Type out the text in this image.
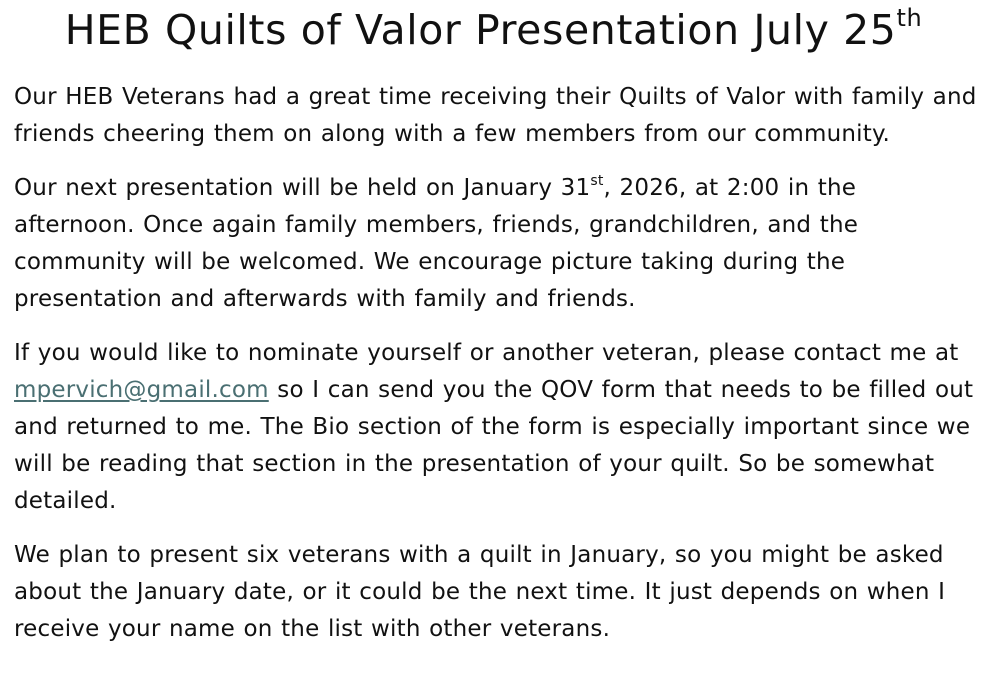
HEB Quilts of Valor Presentation July 25th

Our HEB Veterans had a great time receiving their Quilts of Valor with family and friends cheering them on along with a few members from our community.

Our next presentation will be held on January 31st, 2026, at 2:00 in the afternoon. Once again family members, friends, grandchildren, and the community will be welcomed. We encourage picture taking during the presentation and afterwards with family and friends.

If you would like to nominate yourself or another veteran, please contact me at mpervich@gmail.com so I can send you the QOV form that needs to be filled out and returned to me. The Bio section of the form is especially important since we will be reading that section in the presentation of your quilt. So be somewhat detailed.

We plan to present six veterans with a quilt in January, so you might be asked about the January date, or it could be the next time. It just depends on when I receive your name on the list with other veterans.
